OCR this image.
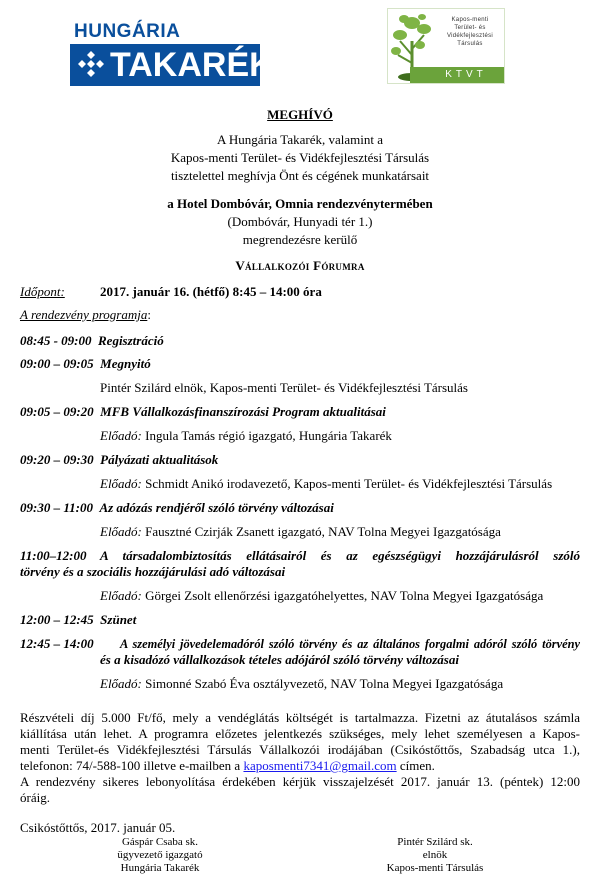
HUNGÁRIA
TAKARÉK
Kapos-menti
Terület- és
Vidékfejlesztési
Társulás
KTVT
MEGHÍVÓ
A Hungária Takarék, valamint a
Kapos-menti Terület- és Vidékfejlesztési Társulás
tisztelettel meghívja Önt és cégének munkatársait
a Hotel Dombóvár, Omnia rendezvénytermében
(Dombóvár, Hunyadi tér 1.)
megrendezésre kerülő
Vállalkozói Fórumra
Időpont:	2017. január 16. (hétfő) 8:45 – 14:00 óra
A rendezvény programja:
08:45 - 09:00 Regisztráció
09:00 – 09:05 Megnyitó
Pintér Szilárd elnök, Kapos-menti Terület- és Vidékfejlesztési Társulás
09:05 – 09:20 MFB Vállalkozásfinanszírozási Program aktualitásai
Előadó: Ingula Tamás régió igazgató, Hungária Takarék
09:20 – 09:30 Pályázati aktualitások
Előadó: Schmidt Anikó irodavezető, Kapos-menti Terület- és Vidékfejlesztési Társulás
09:30 – 11:00 Az adózás rendjéről szóló törvény változásai
Előadó: Fausztné Czirják Zsanett igazgató, NAV Tolna Megyei Igazgatósága
11:00–12:00 A társadalombiztosítás ellátásairól és az egészségügyi hozzájárulásról szóló
törvény és a szociális hozzájárulási adó változásai
Előadó: Görgei Zsolt ellenőrzési igazgatóhelyettes, NAV Tolna Megyei Igazgatósága
12:00 – 12:45 Szünet
12:45 – 14:00 A személyi jövedelemadóról szóló törvény és az általános forgalmi adóról szóló törvény
és a kisadózó vállalkozások tételes adójáról szóló törvény változásai
Előadó: Simonné Szabó Éva osztályvezető, NAV Tolna Megyei Igazgatósága
Részvételi díj 5.000 Ft/fő, mely a vendéglátás költségét is tartalmazza. Fizetni az átutalásos számla
kiállítása után lehet. A programra előzetes jelentkezés szükséges, mely lehet személyesen a Kapos-
menti Terület-és Vidékfejlesztési Társulás Vállalkozói irodájában (Csikóstőttős, Szabadság utca 1.),
telefonon: 74/-588-100 illetve e-mailben a kaposmenti7341@gmail.com címen.
A rendezvény sikeres lebonyolítása érdekében kérjük visszajelzését 2017. január 13. (péntek) 12:00
óráig.
Csikóstőttős, 2017. január 05.
Gáspár Csaba sk.
ügyvezető igazgató
Hungária Takarék
Pintér Szilárd sk.
elnök
Kapos-menti Társulás
